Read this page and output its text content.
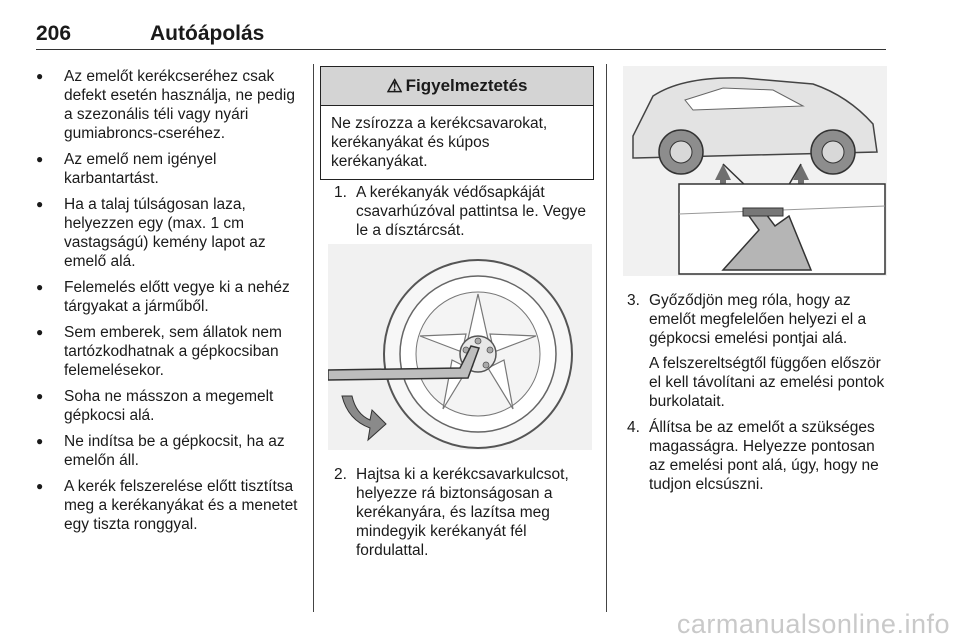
206	Autóápolás
● Az emelőt kerékcseréhez csak defekt esetén használja, ne pedig a szezonális téli vagy nyári gumiabroncs-cseréhez.
● Az emelő nem igényel karbantartást.
● Ha a talaj túlságosan laza, helyezzen egy (max. 1 cm vastagságú) kemény lapot az emelő alá.
● Felemelés előtt vegye ki a nehéz tárgyakat a járműből.
● Sem emberek, sem állatok nem tartózkodhatnak a gépkocsiban felemelésekor.
● Soha ne másszon a megemelt gépkocsi alá.
● Ne indítsa be a gépkocsit, ha az emelőn áll.
● A kerék felszerelése előtt tisztítsa meg a kerékanyákat és a menetet egy tiszta ronggyal.
⚠ Figyelmeztetés
Ne zsírozza a kerékcsavarokat, kerékanyákat és kúpos kerékanyákat.
1. A kerékanyák védősapkáját csavarhúzóval pattintsa le. Vegye le a dísztárcsát.
2. Hajtsa ki a kerékcsavarkulcsot, helyezze rá biztonságosan a kerékanyára, és lazítsa meg mindegyik kerékanyát fél fordulattal.
3. Győződjön meg róla, hogy az emelőt megfelelően helyezi el a gépkocsi emelési pontjai alá.
A felszereltségtől függően először el kell távolítani az emelési pontok burkolatait.
4. Állítsa be az emelőt a szükséges magasságra. Helyezze pontosan az emelési pont alá, úgy, hogy ne tudjon elcsúszni.
carmanualsonline.info
